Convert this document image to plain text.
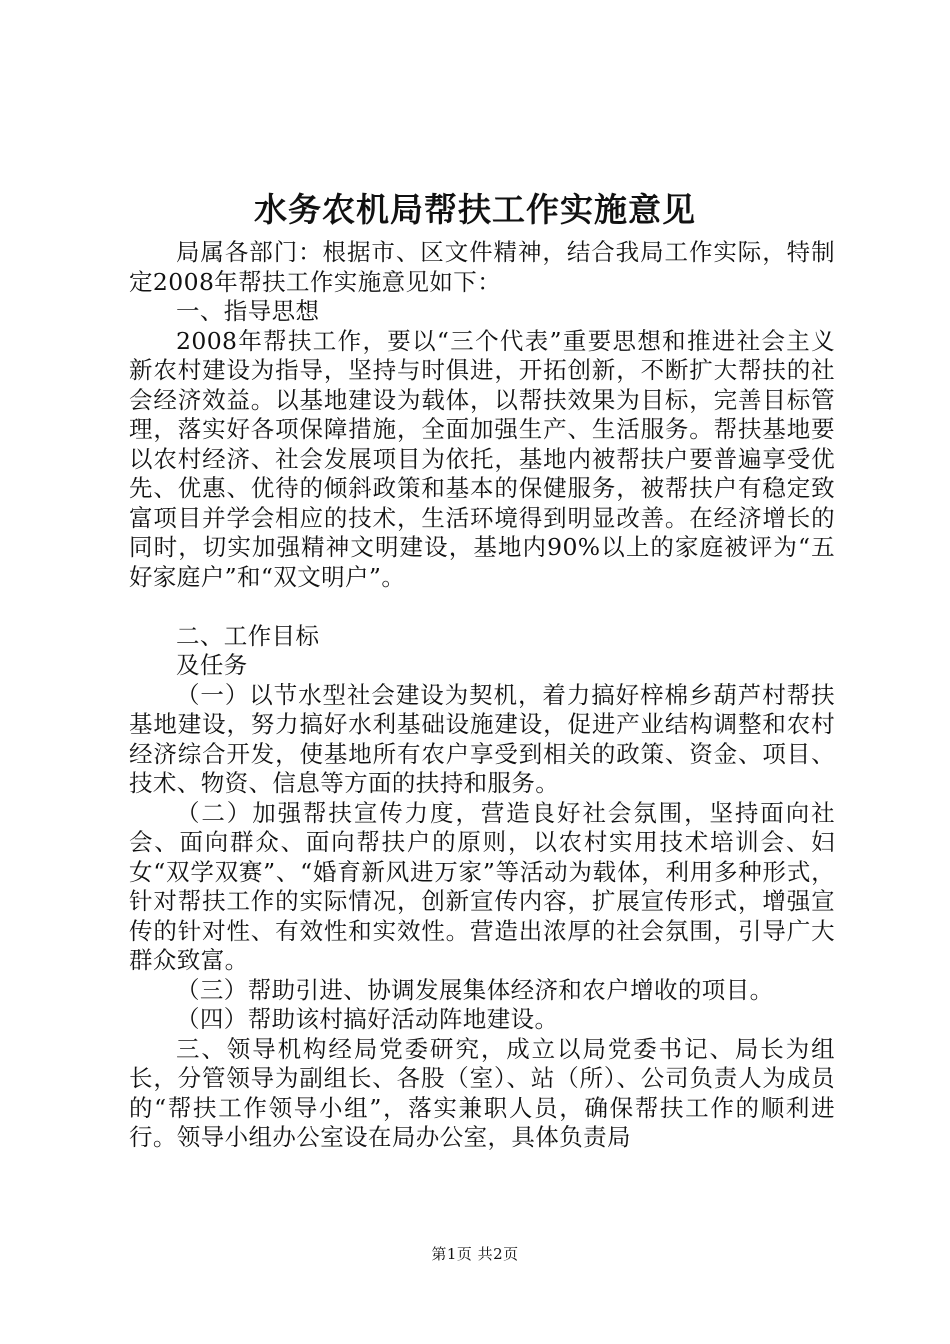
水务农机局帮扶工作实施意见

局属各部门：根据市、区文件精神，结合我局工作实际，特制定2008年帮扶工作实施意见如下：

一、指导思想

2008年帮扶工作，要以“三个代表”重要思想和推进社会主义新农村建设为指导，坚持与时俱进，开拓创新，不断扩大帮扶的社会经济效益。以基地建设为载体，以帮扶效果为目标，完善目标管理，落实好各项保障措施，全面加强生产、生活服务。帮扶基地要以农村经济、社会发展项目为依托，基地内被帮扶户要普遍享受优先、优惠、优待的倾斜政策和基本的保健服务，被帮扶户有稳定致富项目并学会相应的技术，生活环境得到明显改善。在经济增长的同时，切实加强精神文明建设，基地内90%以上的家庭被评为“五好家庭户”和“双文明户”。

二、工作目标

及任务

（一）以节水型社会建设为契机，着力搞好梓棉乡葫芦村帮扶基地建设，努力搞好水利基础设施建设，促进产业结构调整和农村经济综合开发，使基地所有农户享受到相关的政策、资金、项目、技术、物资、信息等方面的扶持和服务。

（二）加强帮扶宣传力度，营造良好社会氛围，坚持面向社会、面向群众、面向帮扶户的原则，以农村实用技术培训会、妇女“双学双赛”、“婚育新风进万家”等活动为载体，利用多种形式，针对帮扶工作的实际情况，创新宣传内容，扩展宣传形式，增强宣传的针对性、有效性和实效性。营造出浓厚的社会氛围，引导广大群众致富。

（三）帮助引进、协调发展集体经济和农户增收的项目。

（四）帮助该村搞好活动阵地建设。

三、领导机构经局党委研究，成立以局党委书记、局长为组长，分管领导为副组长、各股（室）、站（所）、公司负责人为成员的“帮扶工作领导小组”，落实兼职人员，确保帮扶工作的顺利进行。领导小组办公室设在局办公室，具体负责局

第1页 共2页
